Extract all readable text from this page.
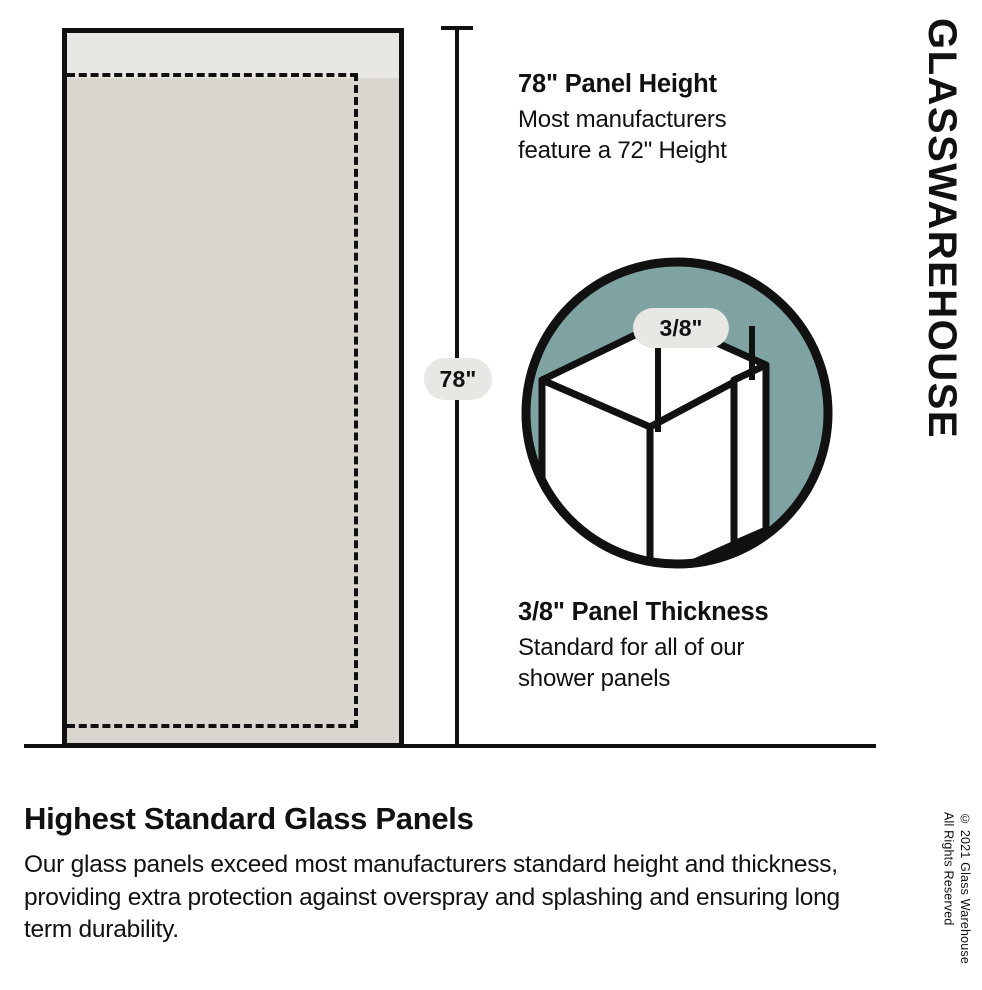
78"

78" Panel Height

Most manufacturers

feature a 72" Height

3/8"

3/8" Panel Thickness

Standard for all of our

shower panels

GLASSWAREHOUSE
All Rights Reserved © 2021 Glass Warehouse
Highest Standard Glass Panels

Our glass panels exceed most manufacturers standard height and thickness, providing extra protection against overspray and splashing and ensuring long term durability.
